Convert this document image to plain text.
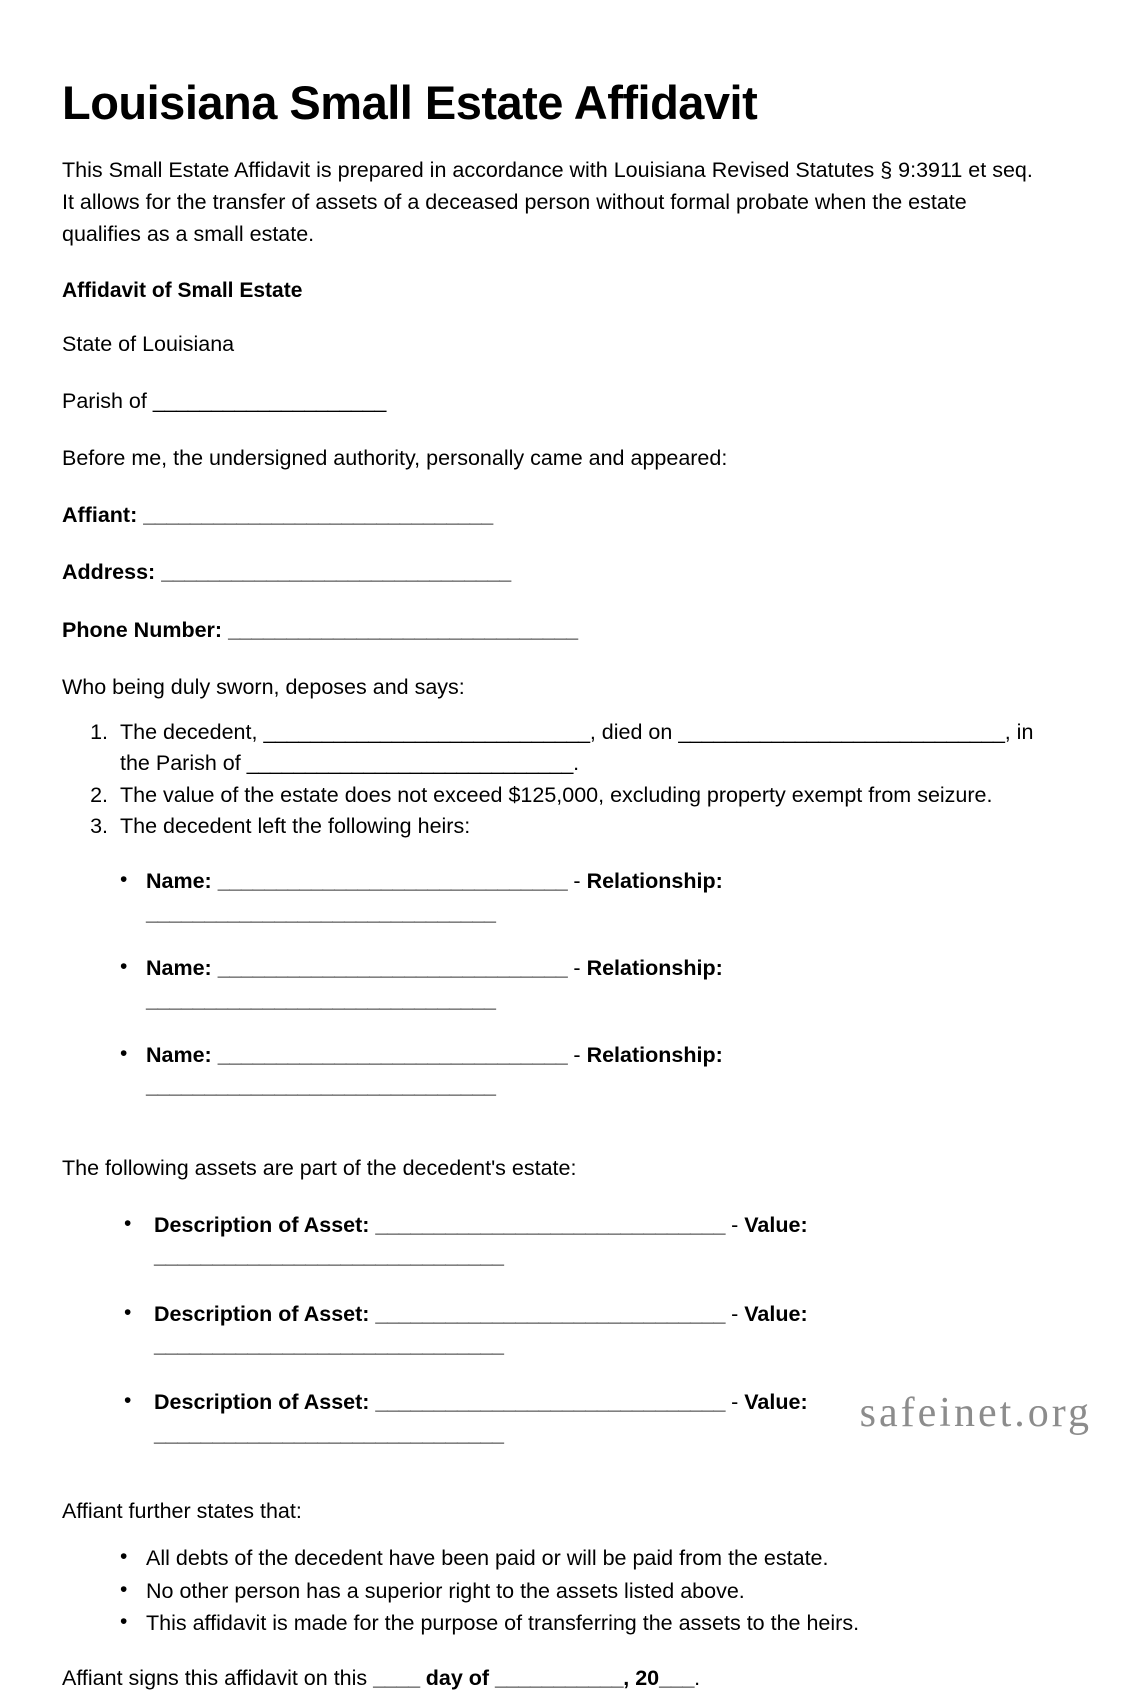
Louisiana Small Estate Affidavit

This Small Estate Affidavit is prepared in accordance with Louisiana Revised Statutes § 9:3911 et seq. It allows for the transfer of assets of a deceased person without formal probate when the estate qualifies as a small estate.

Affidavit of Small Estate

State of Louisiana

Parish of ____________________

Before me, the undersigned authority, personally came and appeared:

Affiant: ______________________________

Address: ______________________________

Phone Number: ______________________________

Who being duly sworn, deposes and says:

1. The decedent, ____________________________, died on ____________________________, in the Parish of ____________________________.
2. The value of the estate does not exceed $125,000, excluding property exempt from seizure.
3. The decedent left the following heirs:
• Name: ______________________________ - Relationship: ______________________________
• Name: ______________________________ - Relationship: ______________________________
• Name: ______________________________ - Relationship: ______________________________

The following assets are part of the decedent's estate:

• Description of Asset: ______________________________ - Value: ______________________________
• Description of Asset: ______________________________ - Value: ______________________________
• Description of Asset: ______________________________ - Value: ______________________________

Affiant further states that:

• All debts of the decedent have been paid or will be paid from the estate.
• No other person has a superior right to the assets listed above.
• This affidavit is made for the purpose of transferring the assets to the heirs.

Affiant signs this affidavit on this ____ day of ___________, 20___.

safeinet.org
